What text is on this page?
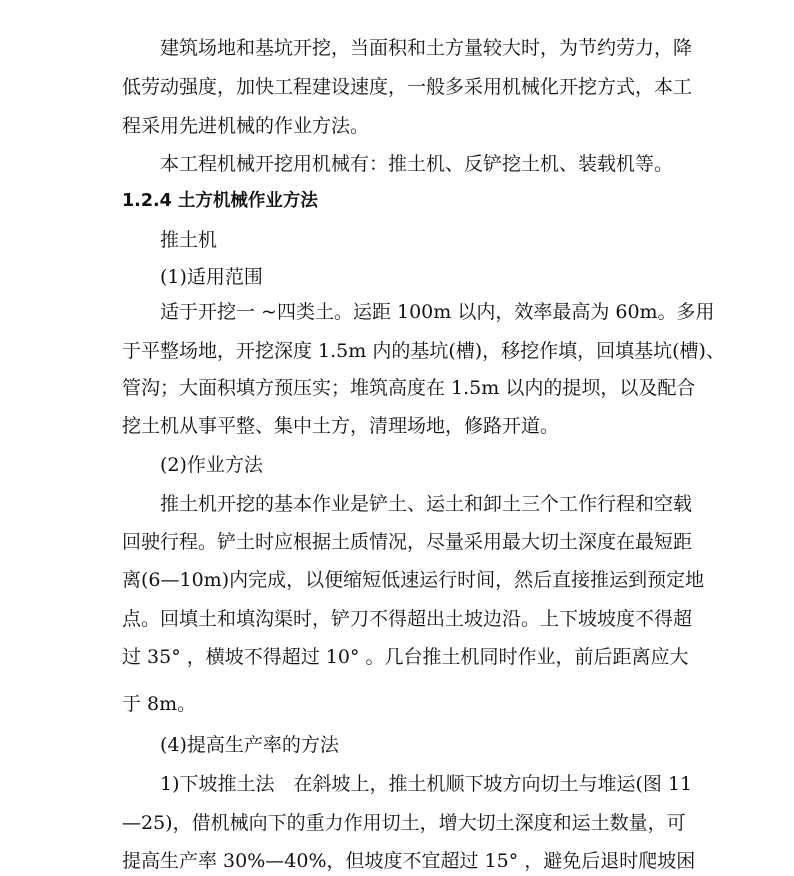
建筑场地和基坑开挖，当面积和土方量较大时，为节约劳力，降
低劳动强度，加快工程建设速度，一般多采用机械化开挖方式，本工
程采用先进机械的作业方法。
本工程机械开挖用机械有：推土机、反铲挖土机、装载机等。
1.2.4 土方机械作业方法
推土机
(1)适用范围
适于开挖一 ~四类土。运距 100m 以内，效率最高为 60m。多用
于平整场地，开挖深度 1.5m 内的基坑(槽)，移挖作填，回填基坑(槽)、
管沟；大面积填方预压实；堆筑高度在 1.5m 以内的提坝，以及配合
挖土机从事平整、集中土方，清理场地，修路开道。
(2)作业方法
推土机开挖的基本作业是铲土、运土和卸土三个工作行程和空载
回驶行程。铲土时应根据土质情况，尽量采用最大切土深度在最短距
离(6—10m)内完成，以便缩短低速运行时间，然后直接推运到预定地
点。回填土和填沟渠时，铲刀不得超出土坡边沿。上下坡坡度不得超
过 35° ，横坡不得超过 10° 。几台推土机同时作业，前后距离应大
于 8m。
(4)提高生产率的方法
1)下坡推土法　在斜坡上，推土机顺下坡方向切土与堆运(图 11
—25)，借机械向下的重力作用切土，增大切土深度和运土数量，可
提高生产率 30%—40%，但坡度不宜超过 15° ，避免后退时爬坡困
